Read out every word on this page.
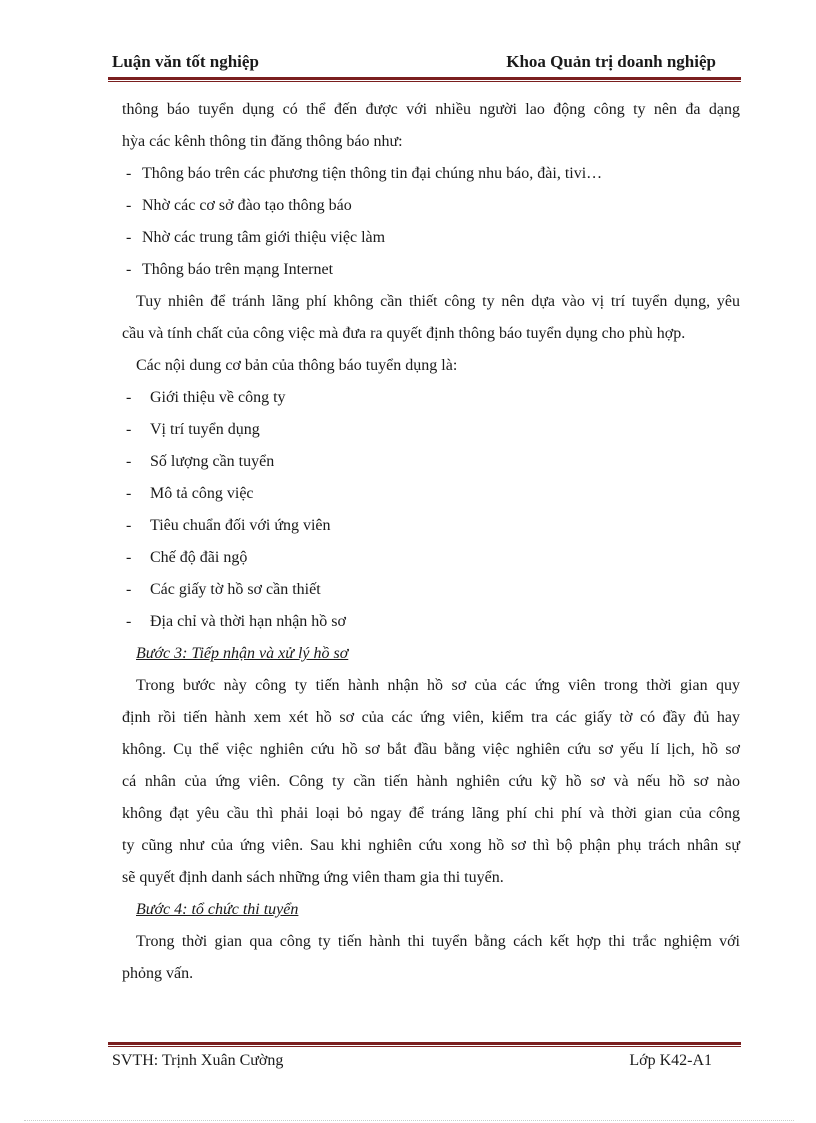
Luận văn tốt nghiệp	Khoa Quản trị doanh nghiệp
thông báo tuyển dụng có thể đến được với nhiều người lao động công ty nên đa dạng
hỳa các kênh thông tin đăng thông báo như:
- Thông báo trên các phương tiện thông tin đại chúng nhu báo, đài, tivi…
- Nhờ các cơ sở đào tạo thông báo
- Nhờ các trung tâm giới thiệu việc làm
- Thông báo trên mạng Internet
Tuy nhiên để tránh lãng phí không cần thiết công ty nên dựa vào vị trí tuyển dụng, yêu
cầu và tính chất của công việc mà đưa ra quyết định thông báo tuyển dụng cho phù hợp.
Các nội dung cơ bản của thông báo tuyển dụng là:
- Giới thiệu về công ty
- Vị trí tuyển dụng
- Số lượng cần tuyển
- Mô tả công việc
- Tiêu chuẩn đối với ứng viên
- Chế độ đãi ngộ
- Các giấy tờ hồ sơ cần thiết
- Địa chỉ và thời hạn nhận hồ sơ
Bước 3: Tiếp nhận và xử lý hồ sơ
Trong bước này công ty tiến hành nhận hồ sơ của các ứng viên trong thời gian quy
định rồi tiến hành xem xét hồ sơ của các ứng viên, kiểm tra các giấy tờ có đầy đủ hay
không. Cụ thể việc nghiên cứu hồ sơ bắt đầu bằng việc nghiên cứu sơ yếu lí lịch, hồ sơ
cá nhân của ứng viên. Công ty cần tiến hành nghiên cứu kỹ hồ sơ và nếu hồ sơ nào
không đạt yêu cầu thì phải loại bỏ ngay để tráng lãng phí chi phí và thời gian của công
ty cũng như của ứng viên. Sau khi nghiên cứu xong hồ sơ thì bộ phận phụ trách nhân sự
sẽ quyết định danh sách những ứng viên tham gia thi tuyển.
Bước 4: tổ chức thi tuyển
Trong thời gian qua công ty tiến hành thi tuyển bằng cách kết hợp thi trắc nghiệm với
phỏng vấn.
SVTH: Trịnh Xuân Cường	Lớp K42-A1
